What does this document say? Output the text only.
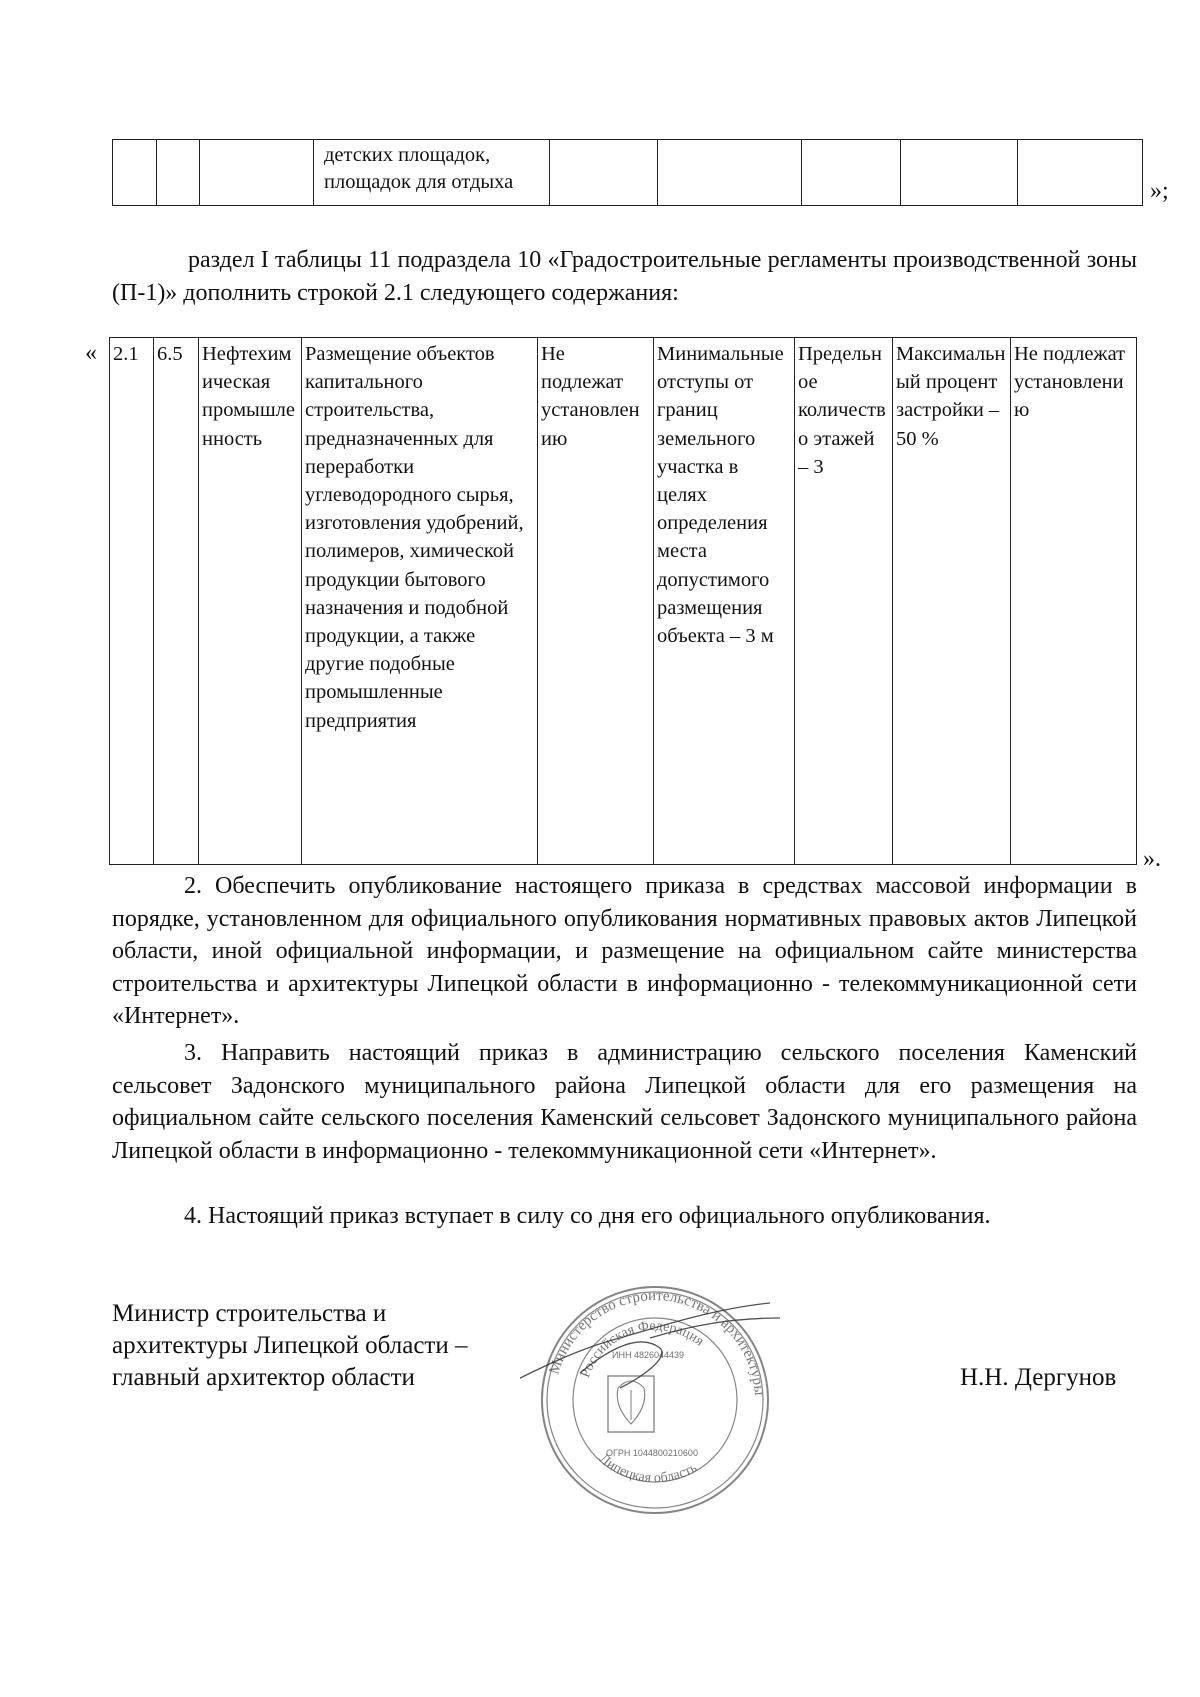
			детских площадок, площадок для отдыха						»;
раздел I таблицы 11 подраздела 10 «Градостроительные регламенты производственной зоны (П-1)» дополнить строкой 2.1 следующего содержания:
« 2.1	6.5	Нефтехимическая промышленность	Размещение объектов капитального строительства, предназначенных для переработки углеводородного сырья, изготовления удобрений, полимеров, химической продукции бытового назначения и подобной продукции, а также другие подобные промышленные предприятия	Не подлежат установлению	Минимальные отступы от границ земельного участка в целях определения места допустимого размещения объекта – 3 м	Предельное количество этажей – 3	Максимальный процент застройки – 50 %	Не подлежат установлению
».
2. Обеспечить опубликование настоящего приказа в средствах массовой информации в порядке, установленном для официального опубликования нормативных правовых актов Липецкой области, иной официальной информации, и размещение на официальном сайте министерства строительства и архитектуры Липецкой области в информационно - телекоммуникационной сети «Интернет».
3. Направить настоящий приказ в администрацию сельского поселения Каменский сельсовет Задонского муниципального района Липецкой области для его размещения на официальном сайте сельского поселения Каменский сельсовет Задонского муниципального района Липецкой области в информационно - телекоммуникационной сети «Интернет».
4. Настоящий приказ вступает в силу со дня его официального опубликования.
Министр строительства и
архитектуры Липецкой области –
главный архитектор области	Н.Н. Дергунов
Министерство строительства и архитектуры
Российская Федерация
Липецкая область
ИНН 4826044439
ОГРН 1044800210600
